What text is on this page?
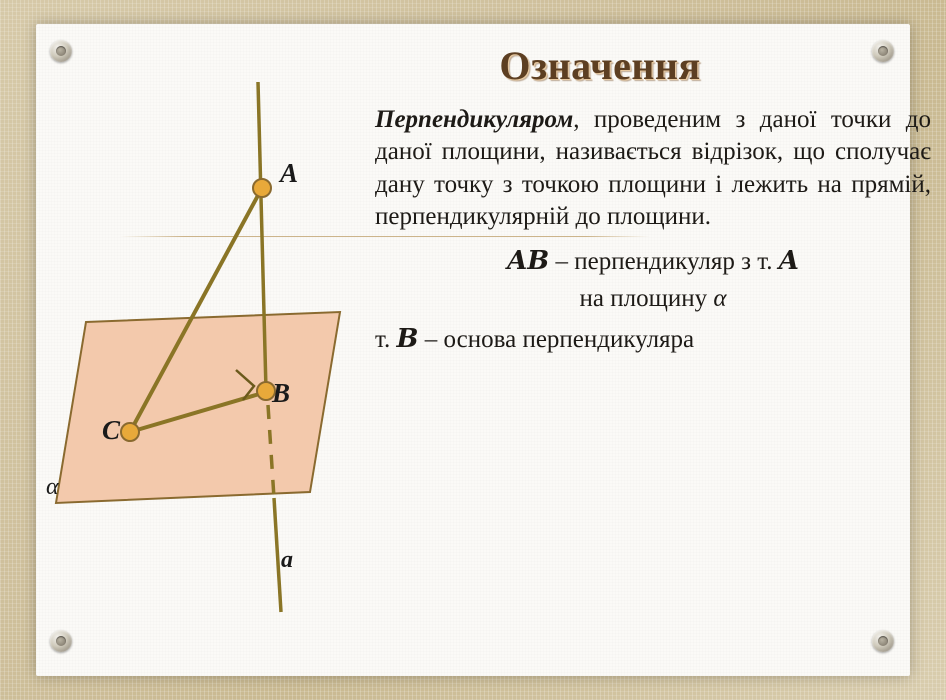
Означення
A
B
C
a
α
Перпендикуляром, проведеним з даної точки до даної площини, називається відрізок, що сполучає дану точку з точкою площини і лежить на прямій, перпендикулярній до площини.
AB – перпендикуляр з т. A
на площину α
т. B – основа перпендикуляра
